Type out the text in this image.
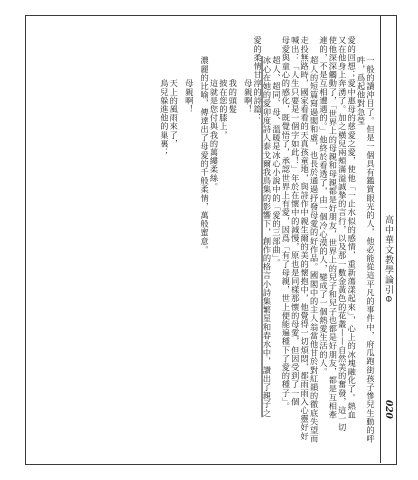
高中華文教學論引⊖
020

一般的讀沖目了。但是一個具有鑑賞眼光的人，他必能從這平凡的事件中，府瓜跑街孩子慘兒生動的呼吽，爲起他對急瑩

愛的回想；愛中惠母的慈愛之愛，使他「一止水似的感情，重新蕩漾起來」，心上的冰塊融化了。熱血

又在他身上奔湧了。加之橫兒兩頰滿溢誠摯的言行，以及那一數金黃色的花叢——自然美的奮發，這一切

使他深深觸動了，「世界上的母親和母親都是好朋友，世界上的兒子和兒子也都是好朋友，都是互相牽

連的，不是互相遭遇的。」他終於看透了，由一個冷心漠的人，變成了一個熱愛生活的人。

超人的短篇寫過閣和虛，也長於通過抒發母愛的好作品。國閣中的主人翁當他甘於對紅韻的徹底失望而

走投無路時，國家看看的天真孩童地，與詩作中親生爾的美的懷抱中，他覺得一切煩悶，都雨雨入心靈好好

喊出：「人生只要是一個字如此！」年於在懷中的減慢，原也是同樣那懷的母愛，但因受到了一個

母愛與童心的感化，既覺悟了，承認世界上有愛，因爲「有了母親，世上便能遍種下了愛的種子」。

超人、超同、母、溫暖是冰心小說中的「愛的三部曲」。

冰心在她的愛卯度詩人泰戈爾我鳥集的影響下，創作的格言小詩集繁星和春水中，讚出了親子之

愛的柔情甘淳的詩篇：

母親啊！

我的頭髮

披在您的膝上，

這就是您付與我的萬縷柔絲。

濃麗的比喻，傳達出了母愛的千般柔情，萬般蜜意。

母親啊！

天上的風雨來了，

鳥兒躲進他的巢裏；
